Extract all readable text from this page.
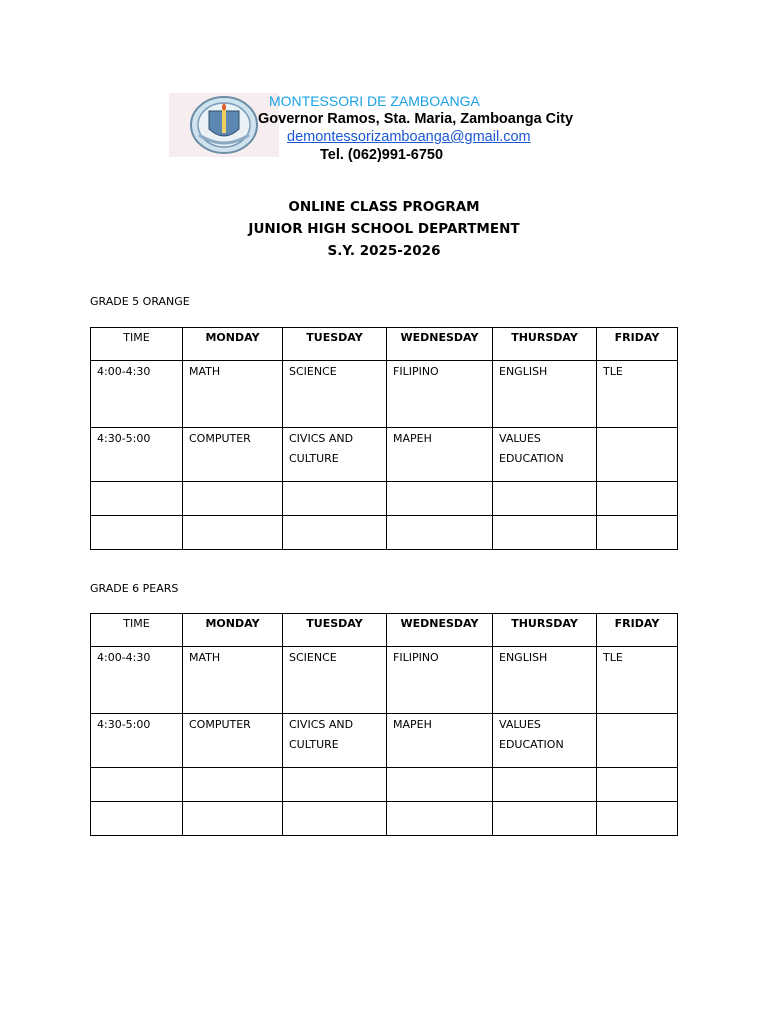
MONTESSORI DE ZAMBOANGA
Governor Ramos, Sta. Maria, Zamboanga City
demontessorizamboanga@gmail.com
Tel. (062)991-6750
ONLINE CLASS PROGRAM
JUNIOR HIGH SCHOOL DEPARTMENT
S.Y. 2025-2026
GRADE 5 ORANGE
TIME	MONDAY	TUESDAY	WEDNESDAY	THURSDAY	FRIDAY
4:00-4:30	MATH	SCIENCE	FILIPINO	ENGLISH	TLE
4:30-5:00	COMPUTER	CIVICS AND CULTURE	MAPEH	VALUES EDUCATION	

GRADE 6 PEARS
TIME	MONDAY	TUESDAY	WEDNESDAY	THURSDAY	FRIDAY
4:00-4:30	MATH	SCIENCE	FILIPINO	ENGLISH	TLE
4:30-5:00	COMPUTER	CIVICS AND CULTURE	MAPEH	VALUES EDUCATION	
